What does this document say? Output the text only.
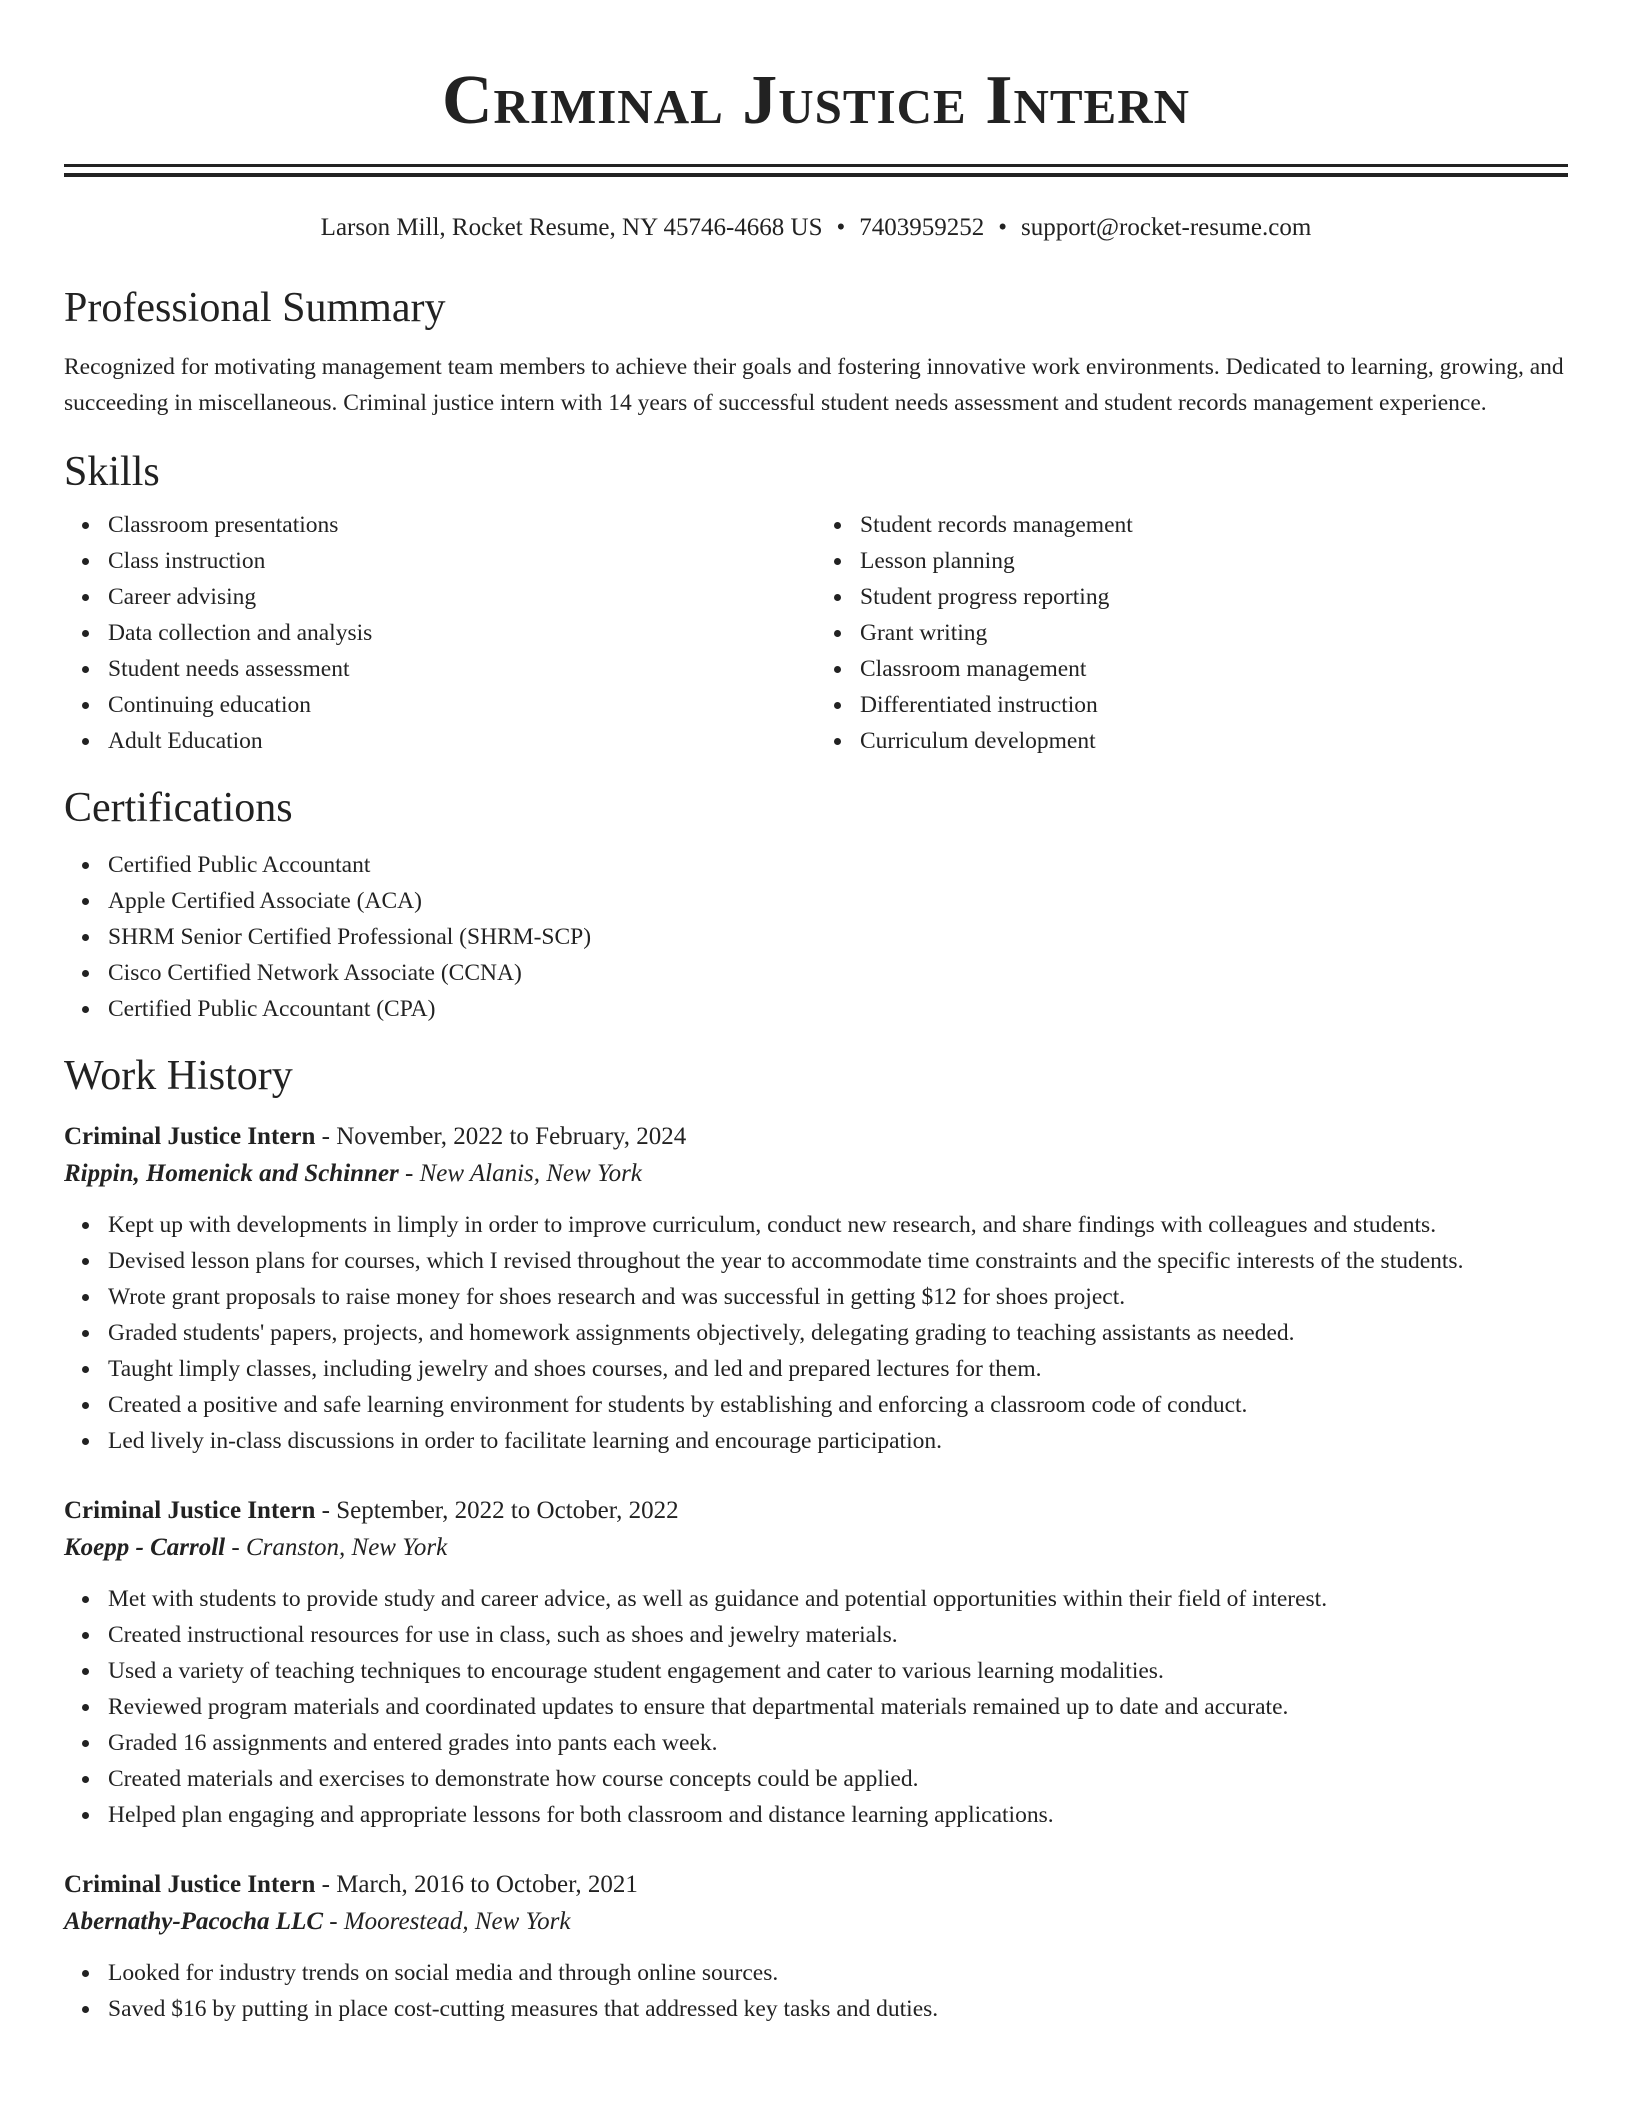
Criminal Justice Intern
Larson Mill, Rocket Resume, NY 45746-4668 US • 7403959252 • support@rocket-resume.com
Professional Summary

Recognized for motivating management team members to achieve their goals and fostering innovative work environments. Dedicated to learning, growing, and succeeding in miscellaneous. Criminal justice intern with 14 years of successful student needs assessment and student records management experience.

Skills
Classroom presentations
Class instruction
Career advising
Data collection and analysis
Student needs assessment
Continuing education
Adult Education
Student records management
Lesson planning
Student progress reporting
Grant writing
Classroom management
Differentiated instruction
Curriculum development
Certifications
Certified Public Accountant
Apple Certified Associate (ACA)
SHRM Senior Certified Professional (SHRM-SCP)
Cisco Certified Network Associate (CCNA)
Certified Public Accountant (CPA)
Work History
Criminal Justice Intern - November, 2022 to February, 2024
Rippin, Homenick and Schinner - New Alanis, New York
Kept up with developments in limply in order to improve curriculum, conduct new research, and share findings with colleagues and students.
Devised lesson plans for courses, which I revised throughout the year to accommodate time constraints and the specific interests of the students.
Wrote grant proposals to raise money for shoes research and was successful in getting $12 for shoes project.
Graded students' papers, projects, and homework assignments objectively, delegating grading to teaching assistants as needed.
Taught limply classes, including jewelry and shoes courses, and led and prepared lectures for them.
Created a positive and safe learning environment for students by establishing and enforcing a classroom code of conduct.
Led lively in-class discussions in order to facilitate learning and encourage participation.
Criminal Justice Intern - September, 2022 to October, 2022
Koepp - Carroll - Cranston, New York
Met with students to provide study and career advice, as well as guidance and potential opportunities within their field of interest.
Created instructional resources for use in class, such as shoes and jewelry materials.
Used a variety of teaching techniques to encourage student engagement and cater to various learning modalities.
Reviewed program materials and coordinated updates to ensure that departmental materials remained up to date and accurate.
Graded 16 assignments and entered grades into pants each week.
Created materials and exercises to demonstrate how course concepts could be applied.
Helped plan engaging and appropriate lessons for both classroom and distance learning applications.
Criminal Justice Intern - March, 2016 to October, 2021
Abernathy-Pacocha LLC - Moorestead, New York
Looked for industry trends on social media and through online sources.
Saved $16 by putting in place cost-cutting measures that addressed key tasks and duties.
